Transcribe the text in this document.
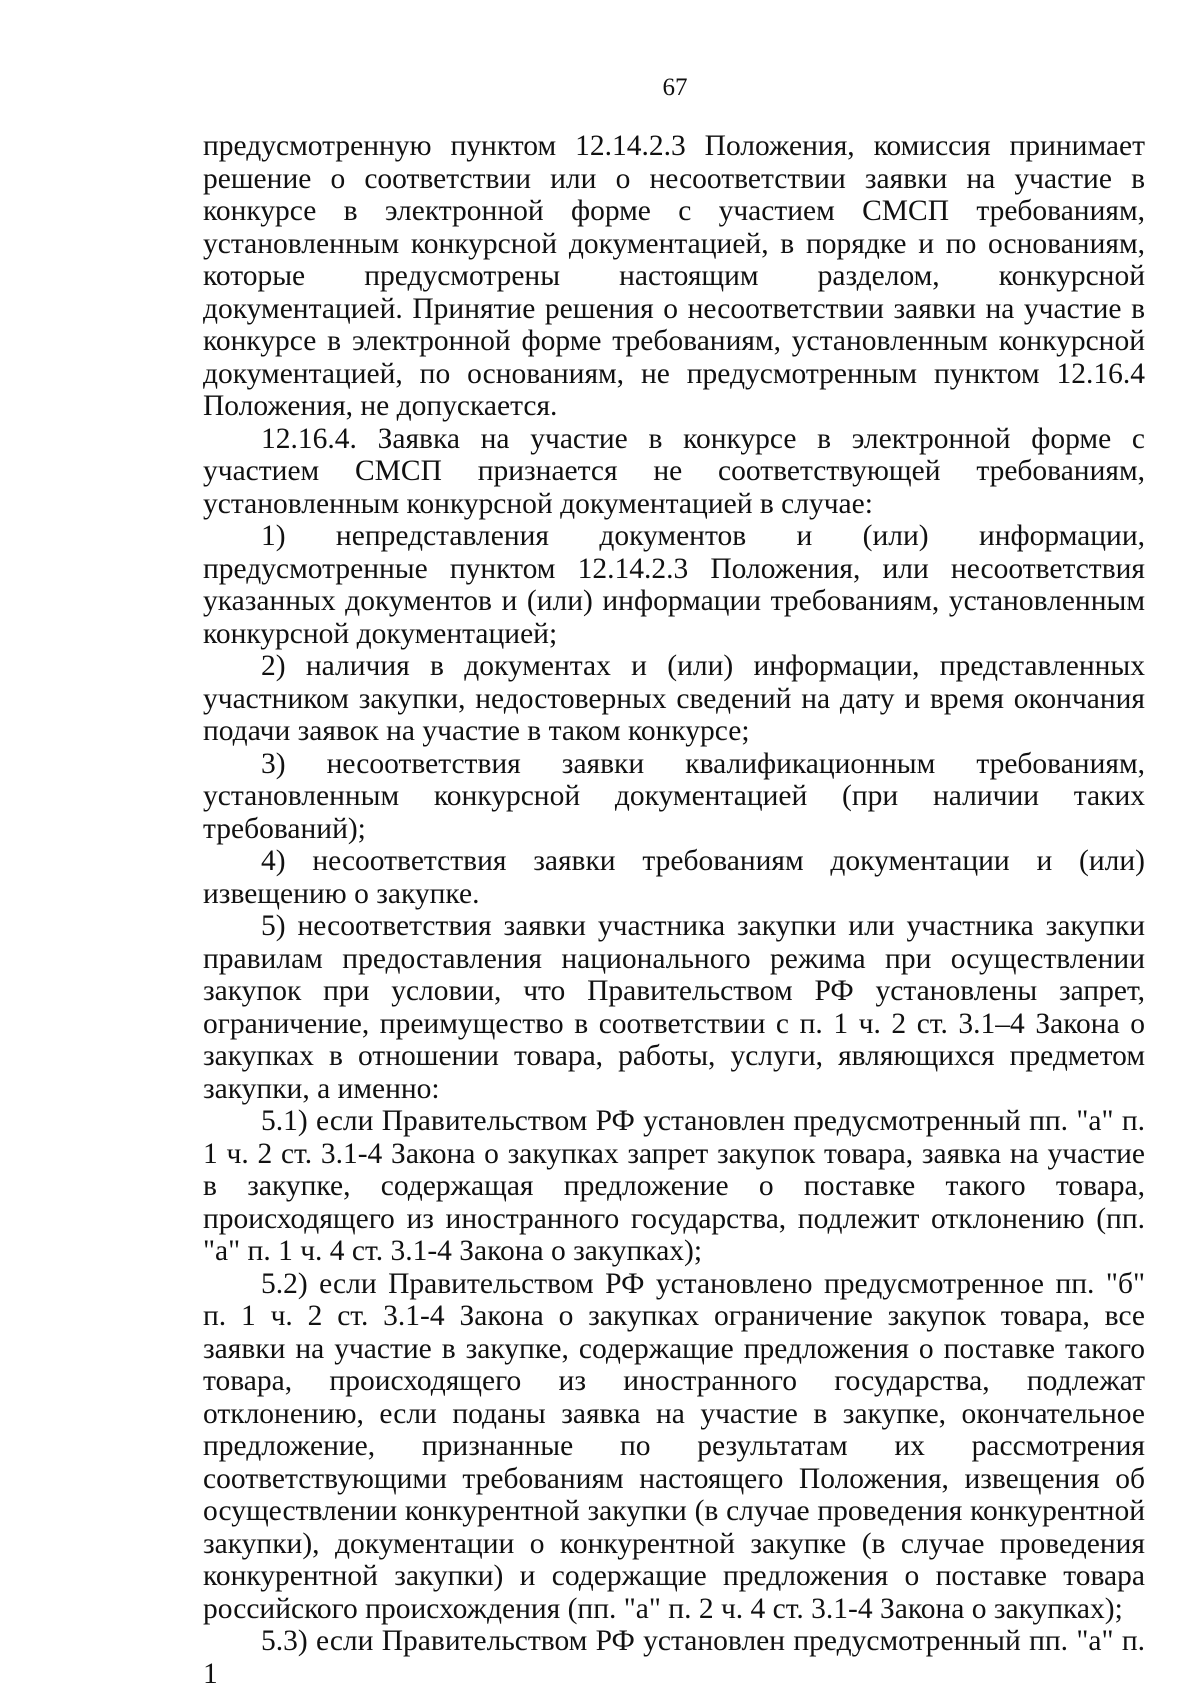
67

предусмотренную пунктом 12.14.2.3 Положения, комиссия принимает решение о соответствии или о несоответствии заявки на участие в конкурсе в электронной форме с участием СМСП требованиям, установленным конкурсной документацией, в порядке и по основаниям, которые предусмотрены настоящим разделом, конкурсной документацией. Принятие решения о несоответствии заявки на участие в конкурсе в электронной форме требованиям, установленным конкурсной документацией, по основаниям, не предусмотренным пунктом 12.16.4 Положения, не допускается.

12.16.4. Заявка на участие в конкурсе в электронной форме с участием СМСП признается не соответствующей требованиям, установленным конкурсной документацией в случае:

1) непредставления документов и (или) информации, предусмотренные пунктом 12.14.2.3 Положения, или несоответствия указанных документов и (или) информации требованиям, установленным конкурсной документацией;

2) наличия в документах и (или) информации, представленных участником закупки, недостоверных сведений на дату и время окончания подачи заявок на участие в таком конкурсе;

3) несоответствия заявки квалификационным требованиям, установленным конкурсной документацией (при наличии таких требований);

4) несоответствия заявки требованиям документации и (или) извещению о закупке.

5) несоответствия заявки участника закупки или участника закупки правилам предоставления национального режима при осуществлении закупок при условии, что Правительством РФ установлены запрет, ограничение, преимущество в соответствии с п. 1 ч. 2 ст. 3.1–4 Закона о закупках в отношении товара, работы, услуги, являющихся предметом закупки, а именно:

5.1) если Правительством РФ установлен предусмотренный пп. "а" п. 1 ч. 2 ст. 3.1-4 Закона о закупках запрет закупок товара, заявка на участие в закупке, содержащая предложение о поставке такого товара, происходящего из иностранного государства, подлежит отклонению (пп. "а" п. 1 ч. 4 ст. 3.1-4 Закона о закупках);

5.2) если Правительством РФ установлено предусмотренное пп. "б" п. 1 ч. 2 ст. 3.1-4 Закона о закупках ограничение закупок товара, все заявки на участие в закупке, содержащие предложения о поставке такого товара, происходящего из иностранного государства, подлежат отклонению, если поданы заявка на участие в закупке, окончательное предложение, признанные по результатам их рассмотрения соответствующими требованиям настоящего Положения, извещения об осуществлении конкурентной закупки (в случае проведения конкурентной закупки), документации о конкурентной закупке (в случае проведения конкурентной закупки) и содержащие предложения о поставке товара российского происхождения (пп. "а" п. 2 ч. 4 ст. 3.1-4 Закона о закупках);

5.3) если Правительством РФ установлен предусмотренный пп. "а" п. 1
